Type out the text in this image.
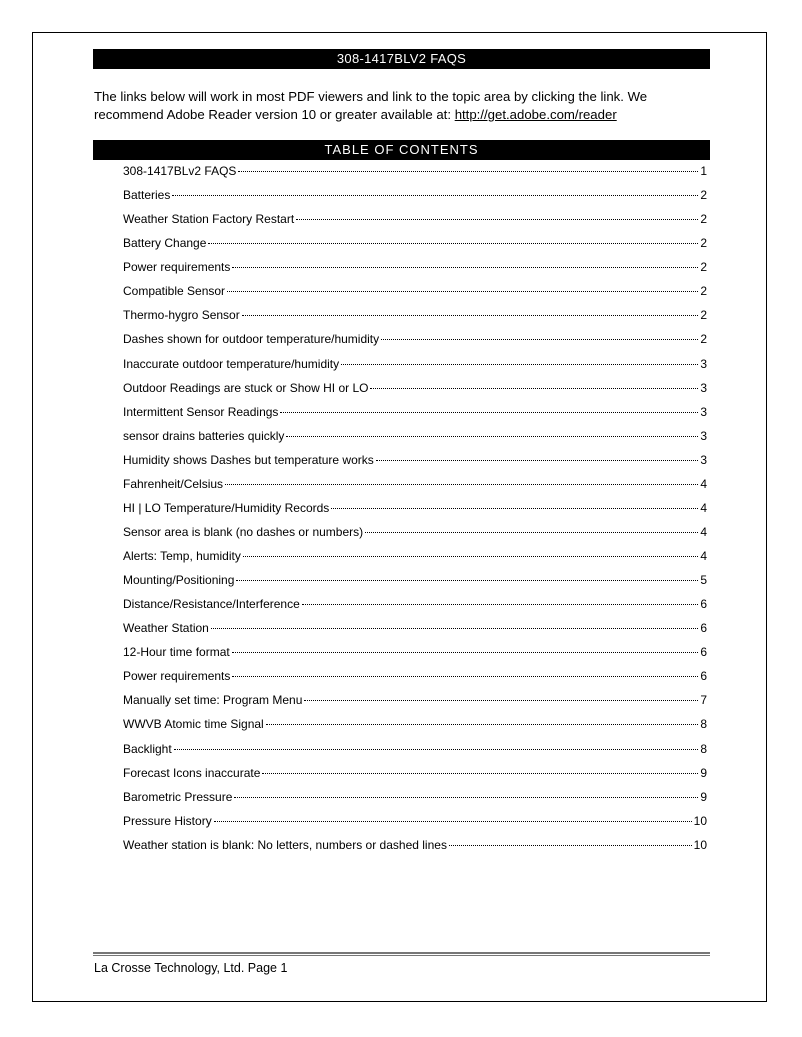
308-1417BLV2 FAQS
The links below will work in most PDF viewers and link to the topic area by clicking the link. We recommend Adobe Reader version 10 or greater available at: http://get.adobe.com/reader
TABLE OF CONTENTS
308-1417BLv2 FAQS	1
Batteries	2
Weather Station Factory Restart	2
Battery Change	2
Power requirements	2
Compatible Sensor	2
Thermo-hygro Sensor	2
Dashes shown for outdoor temperature/humidity	2
Inaccurate outdoor temperature/humidity	3
Outdoor Readings are stuck or Show HI or LO	3
Intermittent Sensor Readings	3
sensor drains batteries quickly	3
Humidity shows Dashes but temperature works	3
Fahrenheit/Celsius	4
HI | LO Temperature/Humidity Records	4
Sensor area is blank (no dashes or numbers)	4
Alerts: Temp, humidity	4
Mounting/Positioning	5
Distance/Resistance/Interference	6
Weather Station	6
12-Hour time format	6
Power requirements	6
Manually set time: Program Menu	7
WWVB Atomic time Signal	8
Backlight	8
Forecast Icons inaccurate	9
Barometric Pressure	9
Pressure History	10
Weather station is blank: No letters, numbers or dashed lines	10
La Crosse Technology, Ltd. Page 1
